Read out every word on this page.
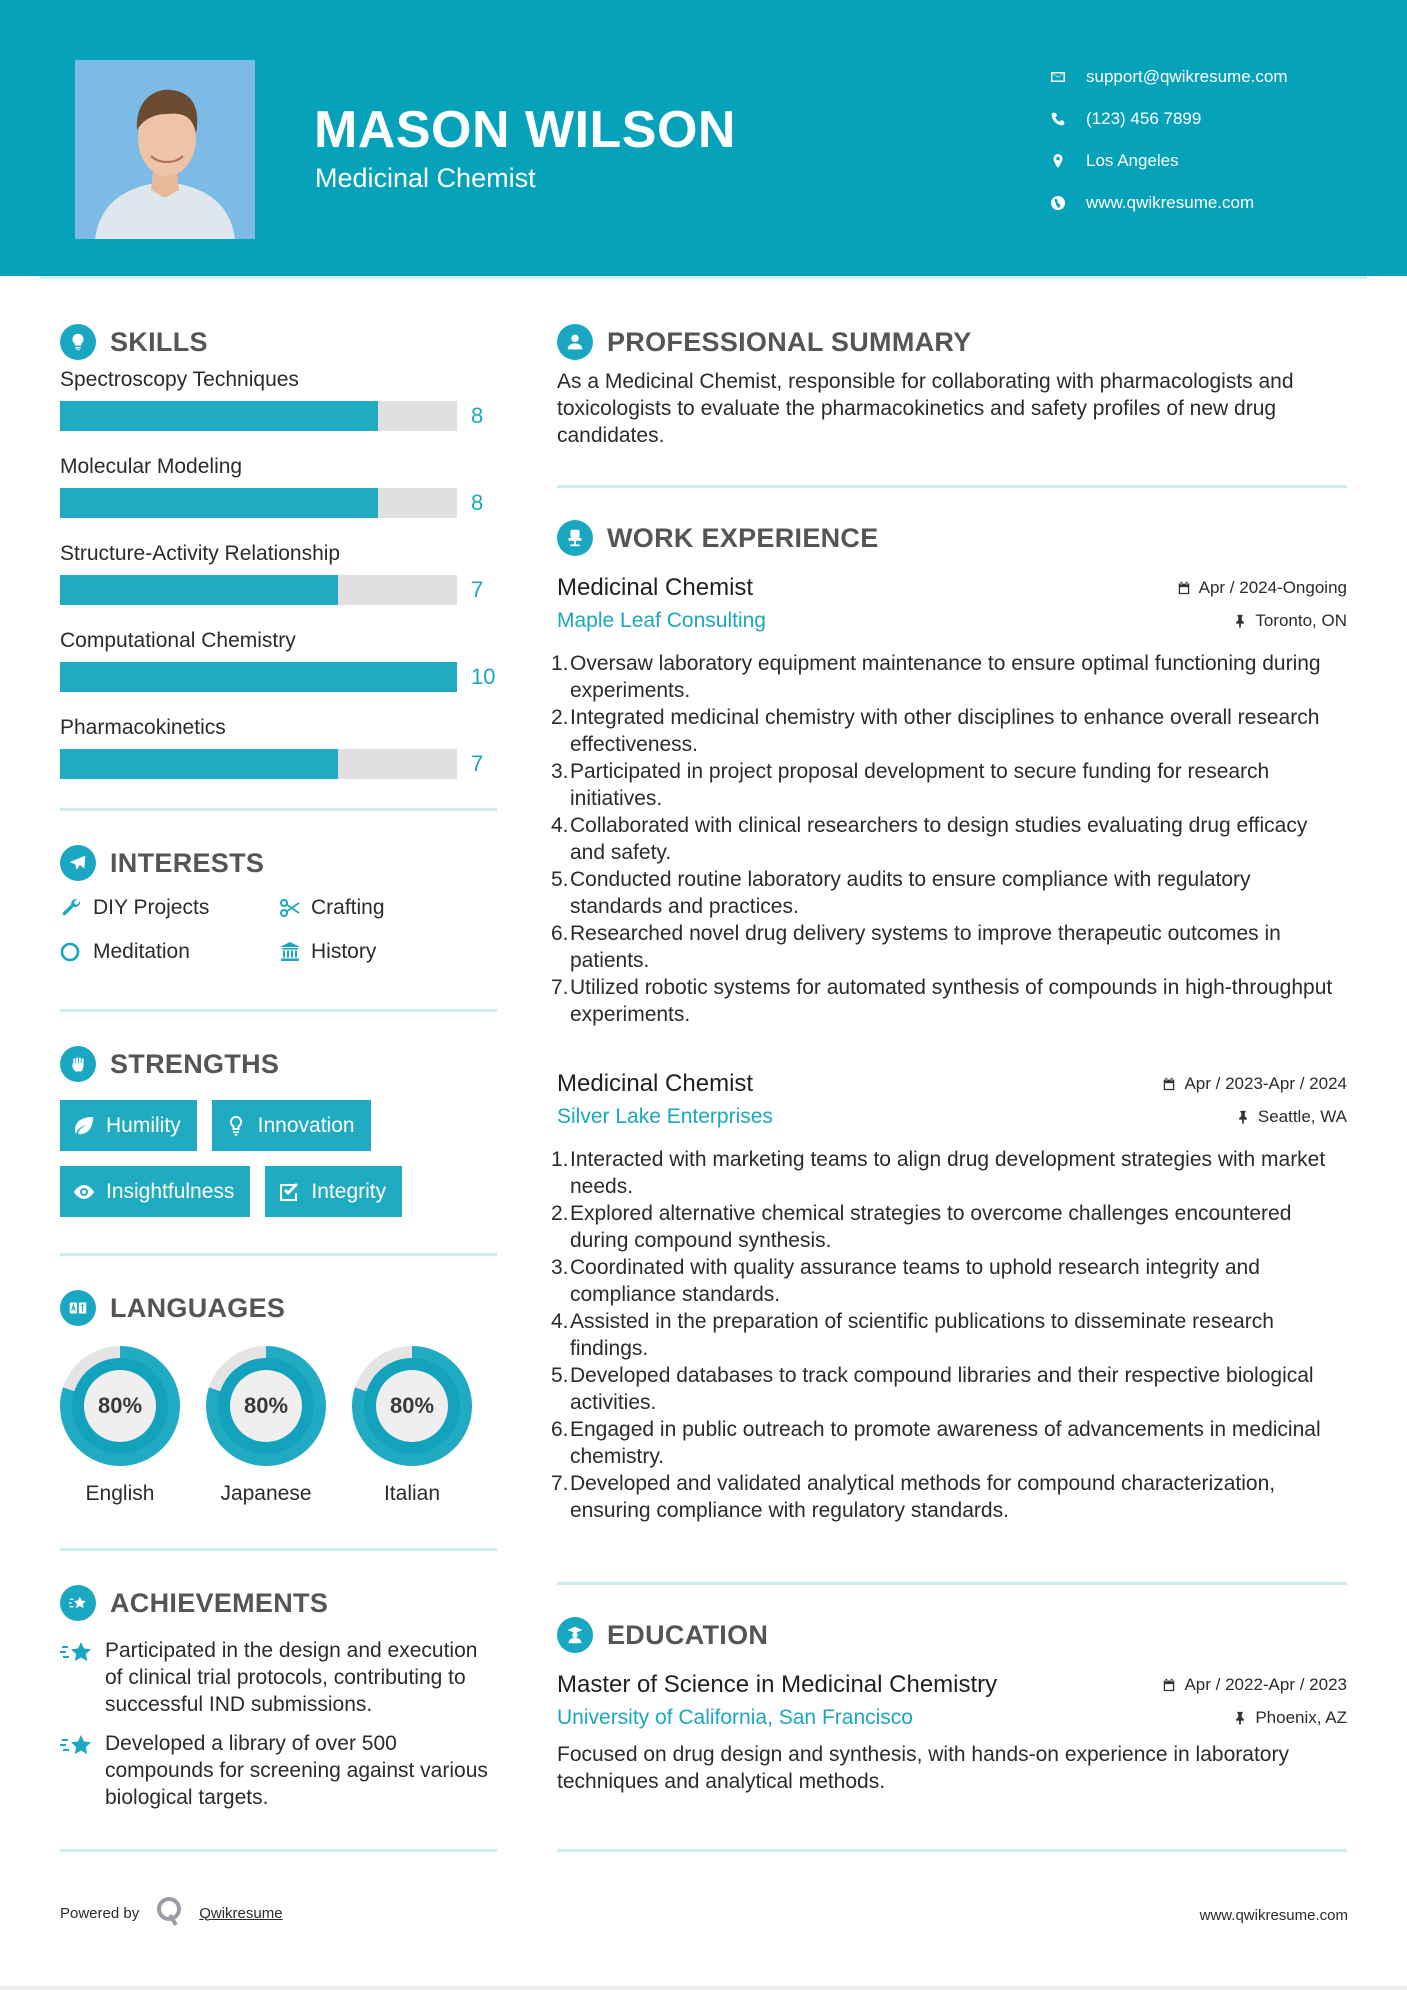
MASON WILSON
Medicinal Chemist
support@qwikresume.com
(123) 456 7899
Los Angeles
www.qwikresume.com
SKILLS
Spectroscopy Techniques
8
Molecular Modeling
8
Structure-Activity Relationship
7
Computational Chemistry
10
Pharmacokinetics
7
INTERESTS
DIY Projects	Crafting
Meditation	History
STRENGTHS
Humility	Innovation
Insightfulness	Integrity
LANGUAGES
80%
English
80%
Japanese
80%
Italian
ACHIEVEMENTS
Participated in the design and execution of clinical trial protocols, contributing to successful IND submissions.
Developed a library of over 500 compounds for screening against various biological targets.
PROFESSIONAL SUMMARY

As a Medicinal Chemist, responsible for collaborating with pharmacologists and toxicologists to evaluate the pharmacokinetics and safety profiles of new drug candidates.

WORK EXPERIENCE
Medicinal Chemist	Apr / 2024-Ongoing
Maple Leaf Consulting	Toronto, ON
1. Oversaw laboratory equipment maintenance to ensure optimal functioning during experiments.
2. Integrated medicinal chemistry with other disciplines to enhance overall research effectiveness.
3. Participated in project proposal development to secure funding for research initiatives.
4. Collaborated with clinical researchers to design studies evaluating drug efficacy and safety.
5. Conducted routine laboratory audits to ensure compliance with regulatory standards and practices.
6. Researched novel drug delivery systems to improve therapeutic outcomes in patients.
7. Utilized robotic systems for automated synthesis of compounds in high-throughput experiments.
Medicinal Chemist	Apr / 2023-Apr / 2024
Silver Lake Enterprises	Seattle, WA
1. Interacted with marketing teams to align drug development strategies with market needs.
2. Explored alternative chemical strategies to overcome challenges encountered during compound synthesis.
3. Coordinated with quality assurance teams to uphold research integrity and compliance standards.
4. Assisted in the preparation of scientific publications to disseminate research findings.
5. Developed databases to track compound libraries and their respective biological activities.
6. Engaged in public outreach to promote awareness of advancements in medicinal chemistry.
7. Developed and validated analytical methods for compound characterization, ensuring compliance with regulatory standards.
EDUCATION
Master of Science in Medicinal Chemistry	Apr / 2022-Apr / 2023
University of California, San Francisco	Phoenix, AZ

Focused on drug design and synthesis, with hands-on experience in laboratory techniques and analytical methods.

Powered by	Qwikresume	www.qwikresume.com
